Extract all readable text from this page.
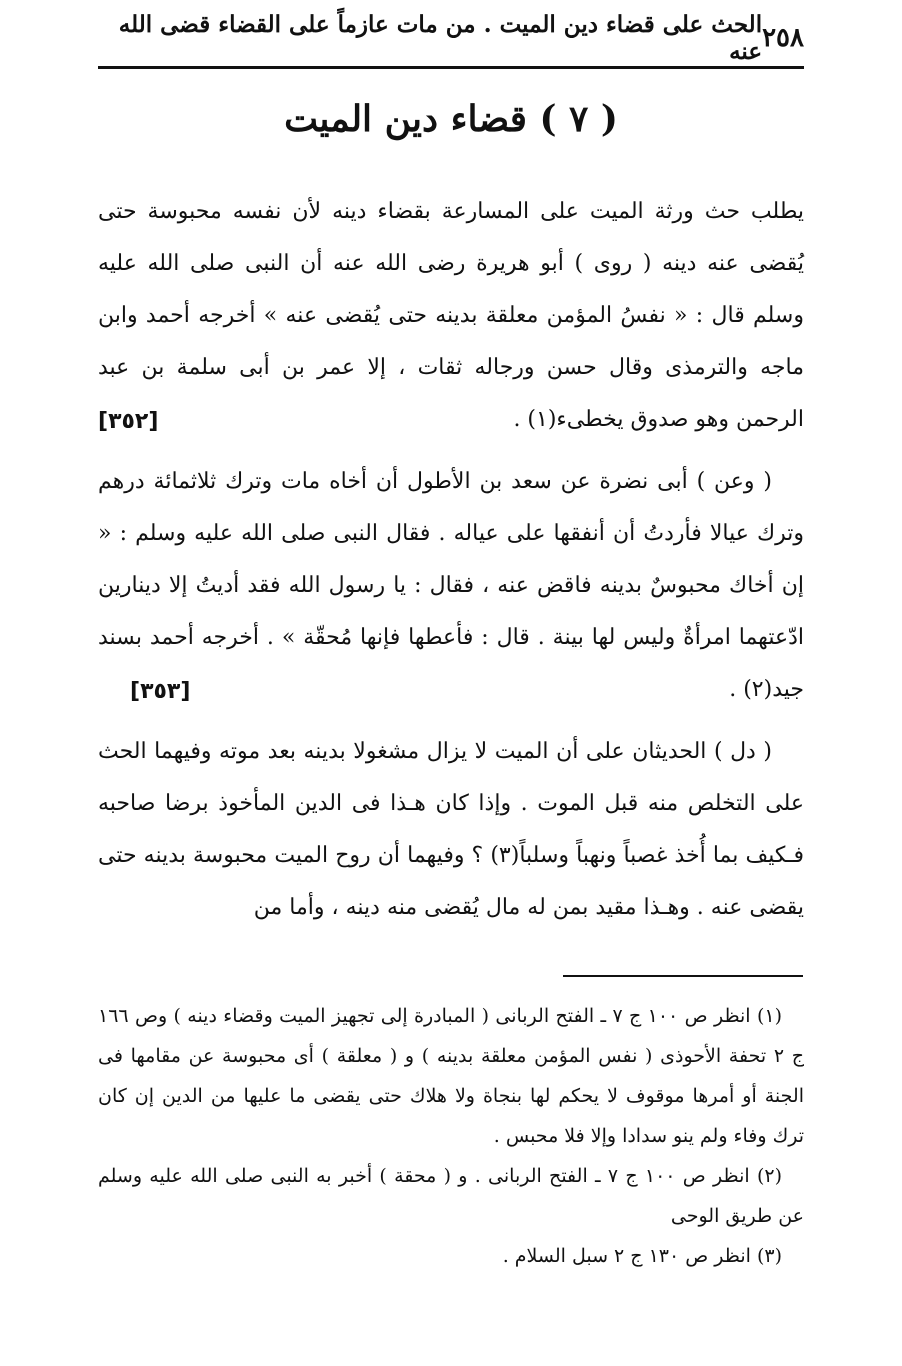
٢٥٨
الحث على قضاء دين الميت . من مات عازماً على القضاء قضى الله عنه
( ٧ ) قضاء دين الميت

يطلب حث ورثة الميت على المسارعة بقضاء دينه لأن نفسه محبوسة حتى يُقضى عنه دينه ( روى ) أبو هريرة رضى الله عنه أن النبى صلى الله عليه وسلم قال : « نفسُ المؤمن معلقة بدينه حتى يُقضى عنه » أخرجه أحمد وابن ماجه والترمذى وقال حسن ورجاله ثقات ، إلا عمر بن أبى سلمة بن عبد الرحمن وهو صدوق يخطىء(١) .
[٣٥٢]

( وعن ) أبى نضرة عن سعد بن الأطول أن أخاه مات وترك ثلاثمائة درهم وترك عيالا فأردتُ أن أنفقها على عياله . فقال النبى صلى الله عليه وسلم : « إن أخاك محبوسٌ بدينه فاقض عنه ، فقال : يا رسول الله فقد أديتُ إلا دينارين ادّعتهما امرأةٌ وليس لها بينة . قال : فأعطها فإنها مُحقّة » . أخرجه أحمد بسند جيد(٢) .
[٣٥٣]

( دل ) الحديثان على أن الميت لا يزال مشغولا بدينه بعد موته وفيهما الحث على التخلص منه قبل الموت . وإذا كان هـذا فى الدين المأخوذ برضا صاحبه فـكيف بما أُخذ غصباً ونهباً وسلباً(٣) ؟ وفيهما أن روح الميت محبوسة بدينه حتى يقضى عنه . وهـذا مقيد بمن له مال يُقضى منه دينه ، وأما من

(١) انظر ص ١٠٠ ج ٧ ـ الفتح الربانى ( المبادرة إلى تجهيز الميت وقضاء دينه ) وص ١٦٦ ج ٢ تحفة الأحوذى ( نفس المؤمن معلقة بدينه ) و ( معلقة ) أى محبوسة عن مقامها فى الجنة أو أمرها موقوف لا يحكم لها بنجاة ولا هلاك حتى يقضى ما عليها من الدين إن كان ترك وفاء ولم ينو سدادا وإلا فلا محبس .

(٢) انظر ص ١٠٠ ج ٧ ـ الفتح الربانى . و ( محقة ) أخبر به النبى صلى الله عليه وسلم عن طريق الوحى

(٣) انظر ص ١٣٠ ج ٢ سبل السلام .
